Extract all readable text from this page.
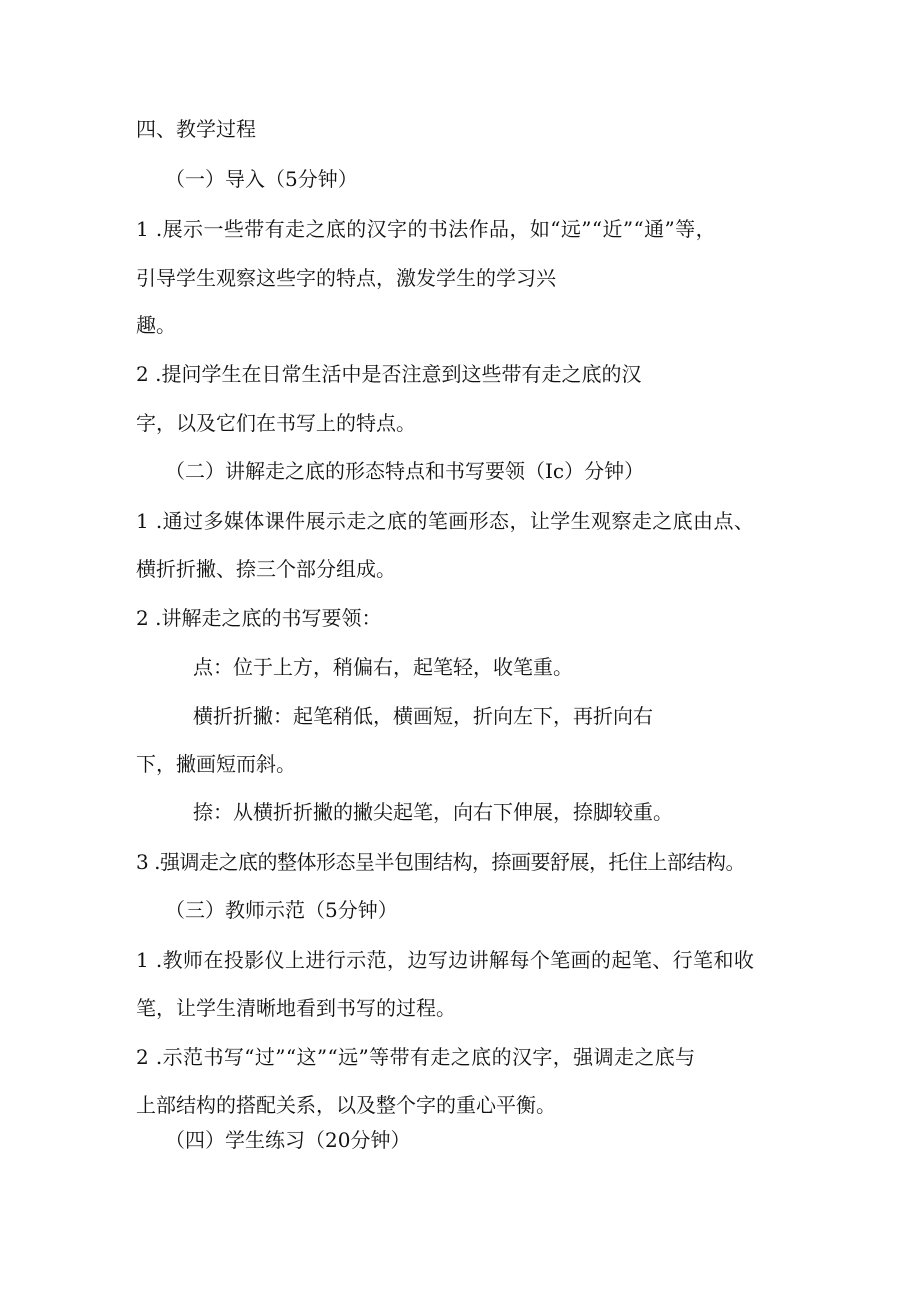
四、教学过程

（一）导入（5分钟）

1 .展示一些带有走之底的汉字的书法作品，如“远”“近”“通”等，

引导学生观察这些字的特点，激发学生的学习兴

趣。

2 .提问学生在日常生活中是否注意到这些带有走之底的汉

字，以及它们在书写上的特点。

（二）讲解走之底的形态特点和书写要领（Ic）分钟）

1 .通过多媒体课件展示走之底的笔画形态，让学生观察走之底由点、

横折折撇、捺三个部分组成。

2 .讲解走之底的书写要领：

点：位于上方，稍偏右，起笔轻，收笔重。

横折折撇：起笔稍低，横画短，折向左下，再折向右

下，撇画短而斜。

捺：从横折折撇的撇尖起笔，向右下伸展，捺脚较重。

3 .强调走之底的整体形态呈半包围结构，捺画要舒展，托住上部结构。

（三）教师示范（5分钟）

1 .教师在投影仪上进行示范，边写边讲解每个笔画的起笔、行笔和收

笔，让学生清晰地看到书写的过程。

2 .示范书写“过”“这”“远”等带有走之底的汉字，强调走之底与

上部结构的搭配关系，以及整个字的重心平衡。

（四）学生练习（20分钟）
